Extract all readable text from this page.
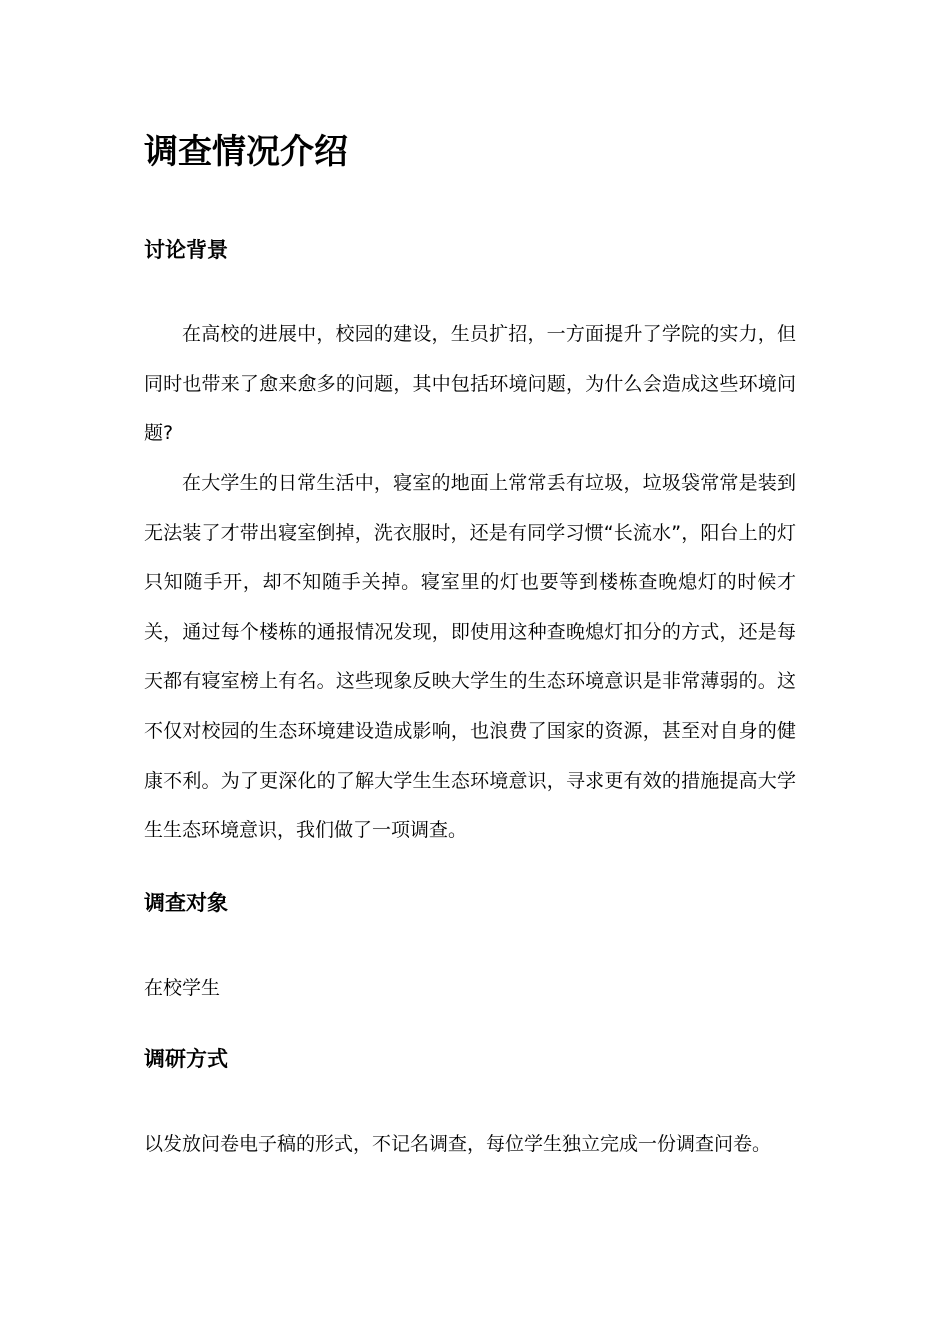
调查情况介绍
讨论背景

在高校的进展中，校园的建设，生员扩招，一方面提升了学院的实力，但同时也带来了愈来愈多的问题，其中包括环境问题，为什么会造成这些环境问题?

在大学生的日常生活中，寝室的地面上常常丢有垃圾，垃圾袋常常是装到无法装了才带出寝室倒掉，洗衣服时，还是有同学习惯“长流水”，阳台上的灯只知随手开，却不知随手关掉。寝室里的灯也要等到楼栋查晚熄灯的时候才关，通过每个楼栋的通报情况发现，即使用这种查晚熄灯扣分的方式，还是每天都有寝室榜上有名。这些现象反映大学生的生态环境意识是非常薄弱的。这不仅对校园的生态环境建设造成影响，也浪费了国家的资源，甚至对自身的健康不利。为了更深化的了解大学生生态环境意识，寻求更有效的措施提高大学生生态环境意识，我们做了一项调查。

调查对象

在校学生

调研方式

以发放问卷电子稿的形式，不记名调查，每位学生独立完成一份调查问卷。
